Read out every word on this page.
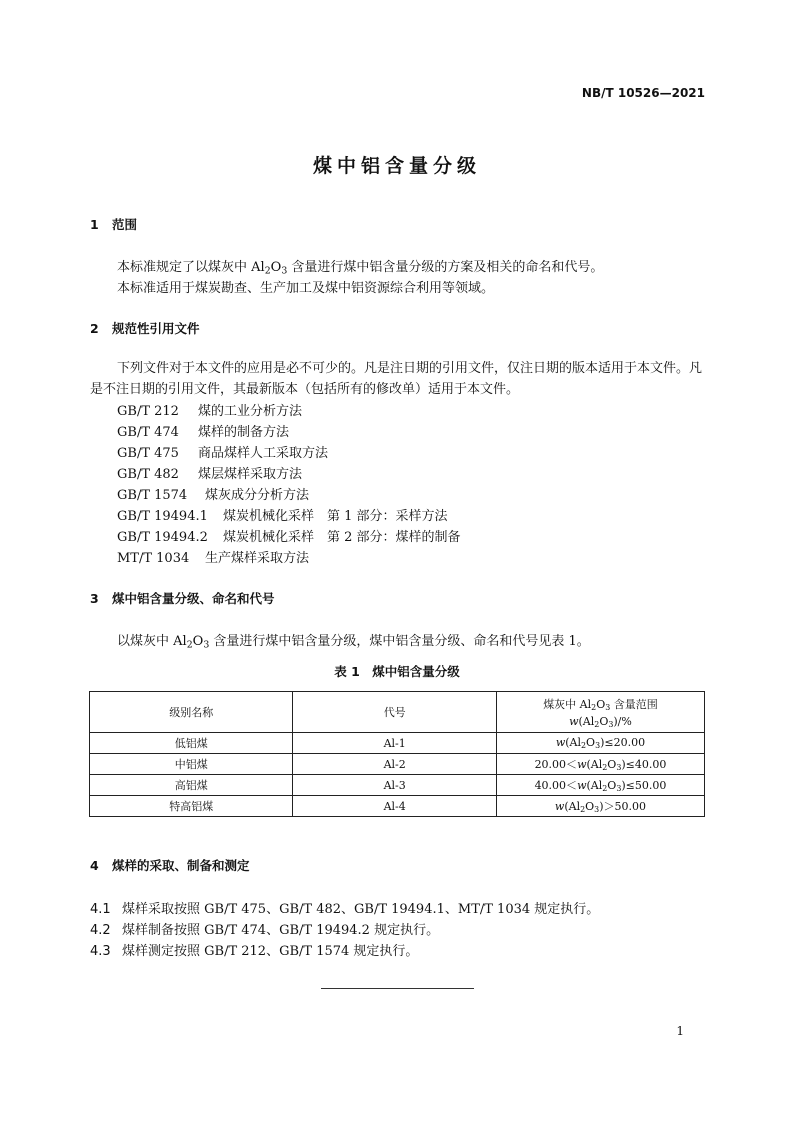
NB/T 10526—2021
煤中铝含量分级
1 范围
本标准规定了以煤灰中 $Al_2O_3$ 含量进行煤中铝含量分级的方案及相关的命名和代号。
本标准适用于煤炭勘查、生产加工及煤中铝资源综合利用等领域。
2 规范性引用文件
下列文件对于本文件的应用是必不可少的。凡是注日期的引用文件，仅注日期的版本适用于本文件。凡是不注日期的引用文件，其最新版本（包括所有的修改单）适用于本文件。
GB/T 212 煤的工业分析方法
GB/T 474 煤样的制备方法
GB/T 475 商品煤样人工采取方法
GB/T 482 煤层煤样采取方法
GB/T 1574 煤灰成分分析方法
GB/T 19494.1 煤炭机械化采样　第 1 部分：采样方法
GB/T 19494.2 煤炭机械化采样　第 2 部分：煤样的制备
MT/T 1034 生产煤样采取方法
3 煤中铝含量分级、命名和代号
以煤灰中 $Al_2O_3$ 含量进行煤中铝含量分级，煤中铝含量分级、命名和代号见表 1。
表 1　煤中铝含量分级
级别名称	代号	煤灰中 $Al_2O_3$ 含量范围
$w(Al_2O_3)/\%$

低铝煤	Al-1	$w(Al_2O_3)\le 20.00$
中铝煤	Al-2	$20.00<w(Al_2O_3)\le 40.00$
高铝煤	Al-3	$40.00<w(Al_2O_3)\le 50.00$
特高铝煤	Al-4	$w(Al_2O_3)>50.00$
4 煤样的采取、制备和测定
4.1 煤样采取按照 GB/T 475、GB/T 482、GB/T 19494.1、MT/T 1034 规定执行。
4.2 煤样制备按照 GB/T 474、GB/T 19494.2 规定执行。
4.3 煤样测定按照 GB/T 212、GB/T 1574 规定执行。
1
